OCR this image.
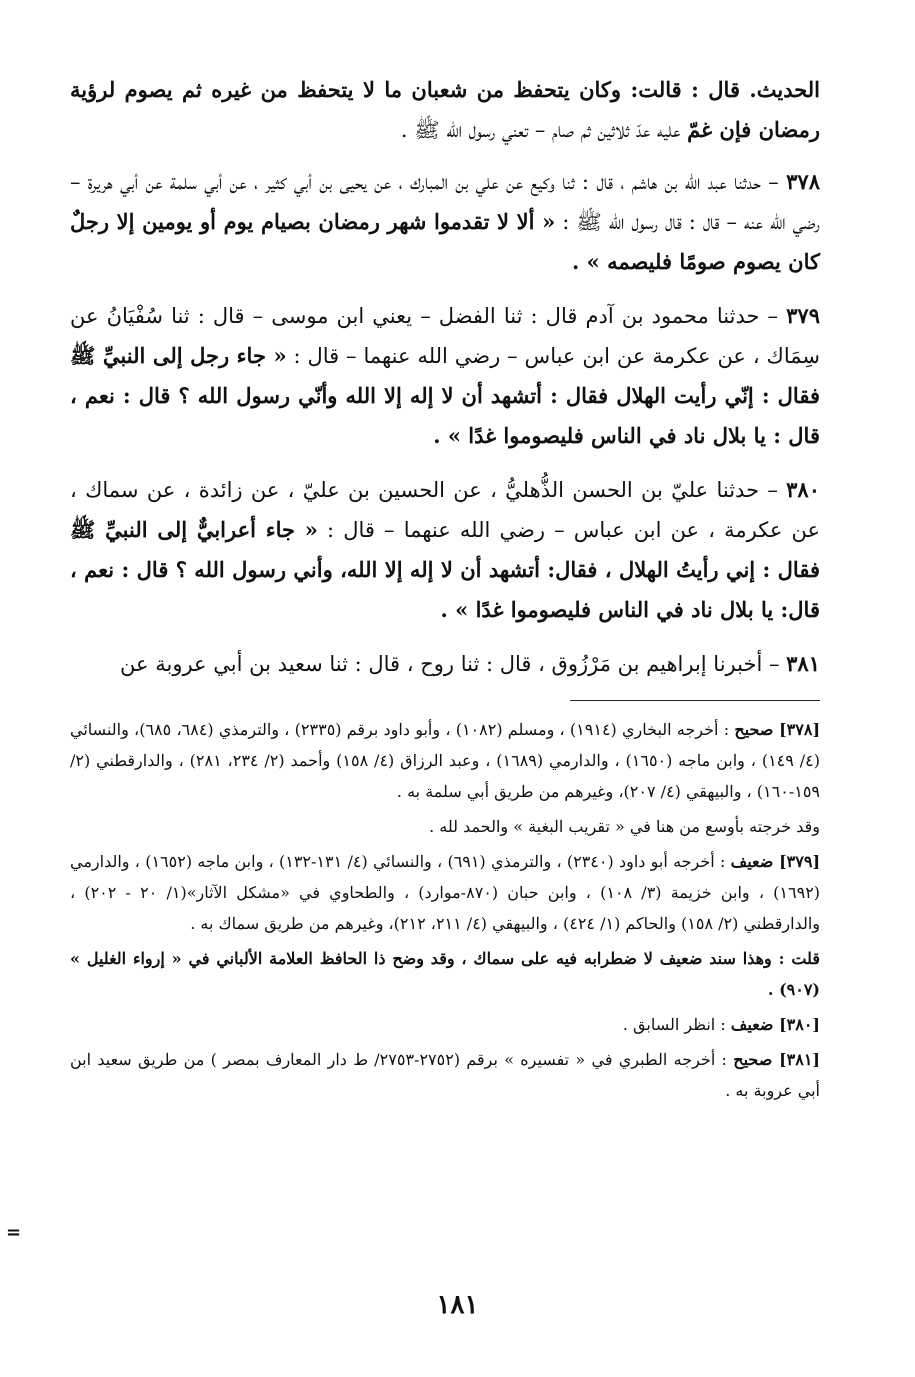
الحديث. قال : قالت: وكان يتحفظ من شعبان ما لا يتحفظ من غيره ثم يصوم لرؤية رمضان فإن غمّ عليه عدّ ثلاثين ثم صام – تعني رسول الله ﷺ .

٣٧٨ – حدثنا عبد الله بن هاشم ، قال : ثنا وكيع عن علي بن المبارك ، عن يحيى بن أبي كثير ، عن أبي سلمة عن أبي هريرة – رضي الله عنه – قال : قال رسول الله ﷺ : « ألا لا تقدموا شهر رمضان بصيام يوم أو يومين إلا رجلٌ كان يصوم صومًا فليصمه » .

٣٧٩ – حدثنا محمود بن آدم قال : ثنا الفضل – يعني ابن موسى – قال : ثنا سُفْيَانُ عن سِمَاك ، عن عكرمة عن ابن عباس – رضي الله عنهما – قال : « جاء رجل إلى النبيِّ ﷺ فقال : إنّي رأيت الهلال فقال : أتشهد أن لا إله إلا الله وأنّي رسول الله ؟ قال : نعم ، قال : يا بلال ناد في الناس فليصوموا غدًا » .

٣٨٠ – حدثنا عليّ بن الحسن الذُّهليُّ ، عن الحسين بن عليّ ، عن زائدة ، عن سماك ، عن عكرمة ، عن ابن عباس – رضي الله عنهما – قال : « جاء أعرابيٌّ إلى النبيِّ ﷺ فقال : إني رأيتُ الهلال ، فقال: أتشهد أن لا إله إلا الله، وأني رسول الله ؟ قال : نعم ، قال: يا بلال ناد في الناس فليصوموا غدًا » .

٣٨١ – أخبرنا إبراهيم بن مَرْزُوق ، قال : ثنا روح ، قال : ثنا سعيد بن أبي عروبة عن

[٣٧٨] صحيح : أخرجه البخاري (١٩١٤) ، ومسلم (١٠٨٢) ، وأبو داود برقم (٢٣٣٥) ، والترمذي (٦٨٤، ٦٨٥)، والنسائي (٤/ ١٤٩) ، وابن ماجه (١٦٥٠) ، والدارمي (١٦٨٩) ، وعبد الرزاق (٤/ ١٥٨) وأحمد (٢/ ٢٣٤، ٢٨١) ، والدارقطني (٢/ ١٥٩-١٦٠) ، والبيهقي (٤/ ٢٠٧)، وغيرهم من طريق أبي سلمة به .

وقد خرجته بأوسع من هنا في « تقريب البغية » والحمد لله .

[٣٧٩] ضعيف : أخرجه أبو داود (٢٣٤٠) ، والترمذي (٦٩١) ، والنسائي (٤/ ١٣١-١٣٢) ، وابن ماجه (١٦٥٢) ، والدارمي (١٦٩٢) ، وابن خزيمة (٣/ ١٠٨) ، وابن حبان (٨٧٠-موارد) ، والطحاوي في «مشكل الآثار»(١/ ٢٠ - ٢٠٢) ، والدارقطني (٢/ ١٥٨) والحاكم (١/ ٤٢٤) ، والبيهقي (٤/ ٢١١، ٢١٢)، وغيرهم من طريق سماك به .

قلت : وهذا سند ضعيف لا ضطرابه فيه على سماك ، وقد وضح ذا الحافظ العلامة الألباني في « إرواء الغليل » (٩٠٧) .

[٣٨٠] ضعيف : انظر السابق .

[٣٨١] صحيح : أخرجه الطبري في « تفسيره » برقم (٢٧٥٢-٢٧٥٣/ ط دار المعارف بمصر ) من طريق سعيد ابن أبي عروبة به .

=
١٨١
